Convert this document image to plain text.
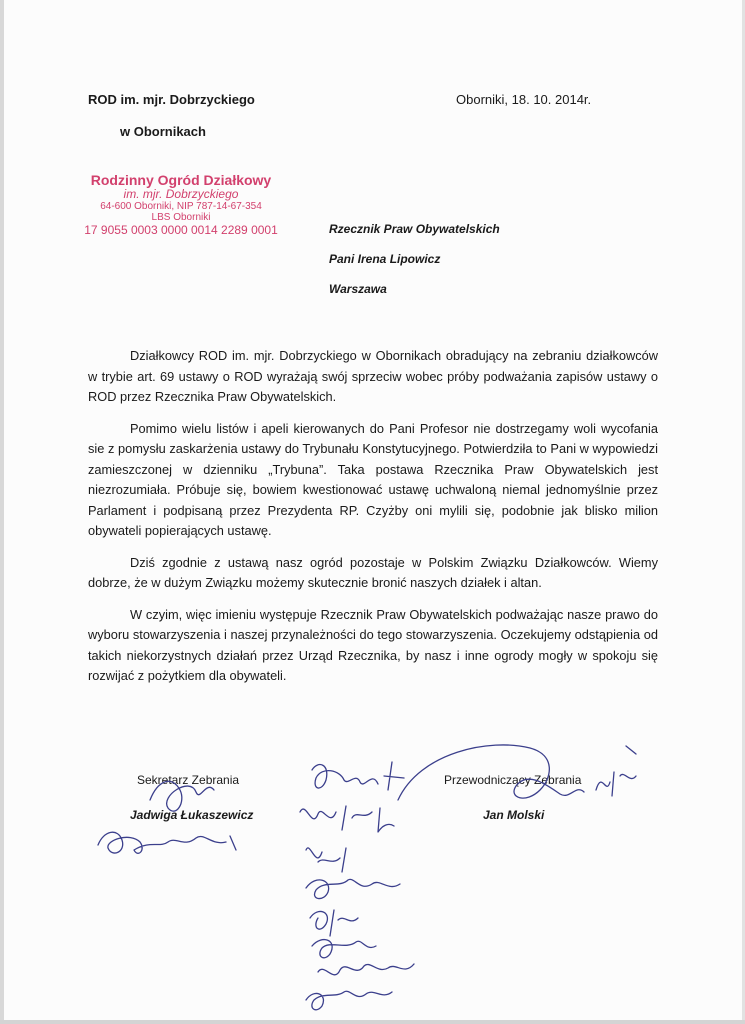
ROD im. mjr. Dobrzyckiego
w Obornikach
Oborniki, 18. 10. 2014r.
Rodzinny Ogród Działkowy
im. mjr. Dobrzyckiego
64-600 Oborniki, NIP 787-14-67-354
LBS Oborniki
17 9055 0003 0000 0014 2289 0001	Rzecznik Praw Obywatelskich
Pani Irena Lipowicz
Warszawa

Działkowcy ROD im. mjr. Dobrzyckiego w Obornikach obradujący na zebraniu działkowców w trybie art. 69 ustawy o ROD wyrażają swój sprzeciw wobec próby podważania zapisów ustawy o ROD przez Rzecznika Praw Obywatelskich.

Pomimo wielu listów i apeli kierowanych do Pani Profesor nie dostrzegamy woli wycofania sie z pomysłu zaskarżenia ustawy do Trybunału Konstytucyjnego. Potwierdziła to Pani w wypowiedzi zamieszczonej w dzienniku „Trybuna”. Taka postawa Rzecznika Praw Obywatelskich jest niezrozumiała. Próbuje się, bowiem kwestionować ustawę uchwaloną niemal jednomyślnie przez Parlament i podpisaną przez Prezydenta RP. Czyżby oni mylili się, podobnie jak blisko milion obywateli popierających ustawę.

Dziś zgodnie z ustawą nasz ogród pozostaje w Polskim Związku Działkowców. Wiemy dobrze, że w dużym Związku możemy skutecznie bronić naszych działek i altan.

W czyim, więc imieniu występuje Rzecznik Praw Obywatelskich podważając nasze prawo do wyboru stowarzyszenia i naszej przynależności do tego stowarzyszenia. Oczekujemy odstąpienia od takich niekorzystnych działań przez Urząd Rzecznika, by nasz i inne ogrody mogły w spokoju się rozwijać z pożytkiem dla obywateli.

Sekretarz Zebrania
Jadwiga Łukaszewicz
Przewodniczący Zebrania
Jan Molski
